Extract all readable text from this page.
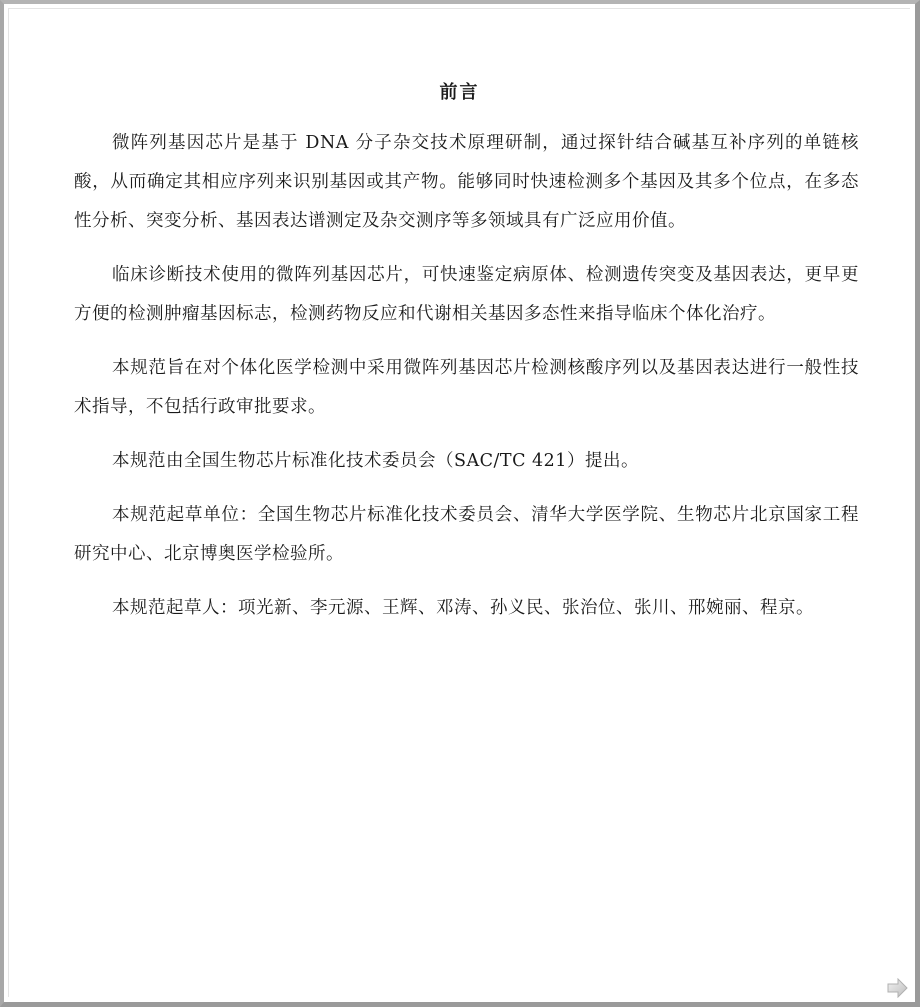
前言

微阵列基因芯片是基于 DNA 分子杂交技术原理研制，通过探针结合碱基互补序列的单链核酸，从而确定其相应序列来识别基因或其产物。能够同时快速检测多个基因及其多个位点，在多态性分析、突变分析、基因表达谱测定及杂交测序等多领域具有广泛应用价值。

临床诊断技术使用的微阵列基因芯片，可快速鉴定病原体、检测遗传突变及基因表达，更早更方便的检测肿瘤基因标志，检测药物反应和代谢相关基因多态性来指导临床个体化治疗。

本规范旨在对个体化医学检测中采用微阵列基因芯片检测核酸序列以及基因表达进行一般性技术指导，不包括行政审批要求。

本规范由全国生物芯片标准化技术委员会（SAC/TC 421）提出。

本规范起草单位：全国生物芯片标准化技术委员会、清华大学医学院、生物芯片北京国家工程研究中心、北京博奥医学检验所。

本规范起草人：项光新、李元源、王辉、邓涛、孙义民、张治位、张川、邢婉丽、程京。
